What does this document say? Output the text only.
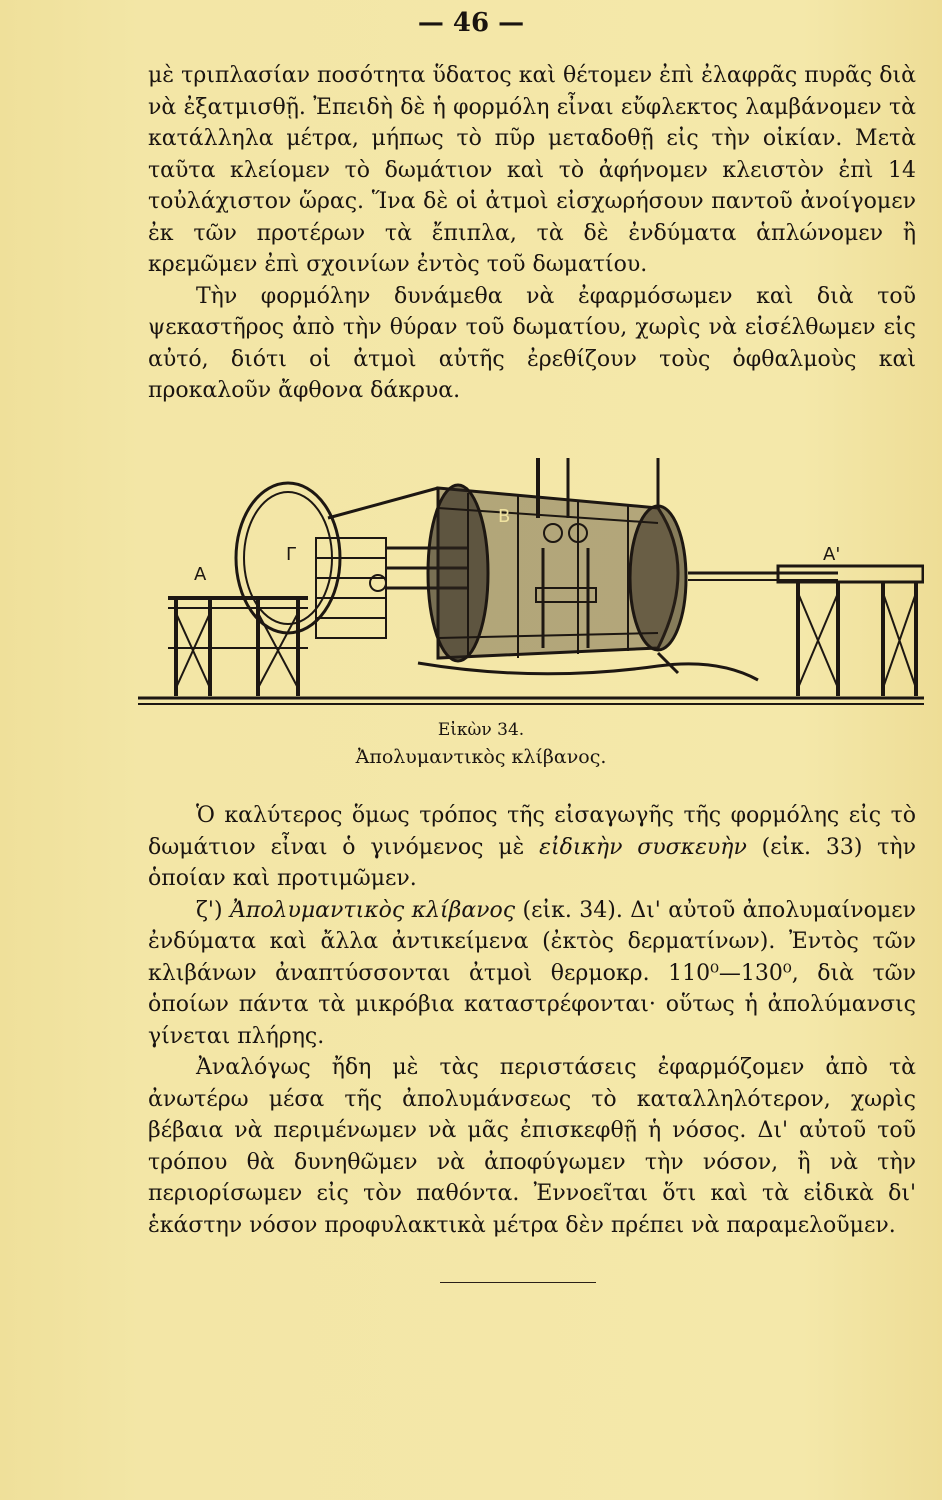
— 46 —

μὲ τριπλασίαν ποσότητα ὕδατος καὶ θέτομεν ἐπὶ ἐλαφρᾶς πυρᾶς διὰ νὰ ἐξατμισθῇ. Ἐπειδὴ δὲ ἡ φορμόλη εἶναι εὔφλεκτος λαμβάνομεν τὰ κατάλληλα μέτρα, μήπως τὸ πῦρ μεταδοθῇ εἰς τὴν οἰκίαν. Μετὰ ταῦτα κλείομεν τὸ δωμάτιον καὶ τὸ ἀφήνομεν κλειστὸν ἐπὶ 14 τοὐλάχιστον ὥρας. Ἵνα δὲ οἱ ἀτμοὶ εἰσχωρήσουν παντοῦ ἀνοίγομεν ἐκ τῶν προτέρων τὰ ἔπιπλα, τὰ δὲ ἐνδύματα ἁπλώνομεν ἢ κρεμῶμεν ἐπὶ σχοινίων ἐντὸς τοῦ δωματίου.

Τὴν φορμόλην δυνάμεθα νὰ ἐφαρμόσωμεν καὶ διὰ τοῦ ψεκαστῆρος ἀπὸ τὴν θύραν τοῦ δωματίου, χωρὶς νὰ εἰσέλθωμεν εἰς αὐτό, διότι οἱ ἀτμοὶ αὐτῆς ἐρεθίζουν τοὺς ὀφθαλμοὺς καὶ προκαλοῦν ἄφθονα δάκρυα.

Α
Γ
Β
Α'
Εἰκὼν 34.
Ἀπολυμαντικὸς κλίβανος.

Ὁ καλύτερος ὅμως τρόπος τῆς εἰσαγωγῆς τῆς φορμόλης εἰς τὸ δωμάτιον εἶναι ὁ γινόμενος μὲ εἰδικὴν συσκευὴν (εἰκ. 33) τὴν ὁποίαν καὶ προτιμῶμεν.

ζ') Ἀπολυμαντικὸς κλίβανος (εἰκ. 34). Δι' αὐτοῦ ἀπολυμαίνομεν ἐνδύματα καὶ ἄλλα ἀντικείμενα (ἐκτὸς δερματίνων). Ἐντὸς τῶν κλιβάνων ἀναπτύσσονται ἀτμοὶ θερμοκρ. 110⁰—130⁰, διὰ τῶν ὁποίων πάντα τὰ μικρόβια καταστρέφονται· οὕτως ἡ ἀπολύμανσις γίνεται πλήρης.

Ἀναλόγως ἤδη μὲ τὰς περιστάσεις ἐφαρμόζομεν ἀπὸ τὰ ἀνωτέρω μέσα τῆς ἀπολυμάνσεως τὸ καταλληλότερον, χωρὶς βέβαια νὰ περιμένωμεν νὰ μᾶς ἐπισκεφθῇ ἡ νόσος. Δι' αὐτοῦ τοῦ τρόπου θὰ δυνηθῶμεν νὰ ἀποφύγωμεν τὴν νόσον, ἢ νὰ τὴν περιορίσωμεν εἰς τὸν παθόντα. Ἐννοεῖται ὅτι καὶ τὰ εἰδικὰ δι' ἑκάστην νόσον προφυλακτικὰ μέτρα δὲν πρέπει νὰ παραμελοῦμεν.
